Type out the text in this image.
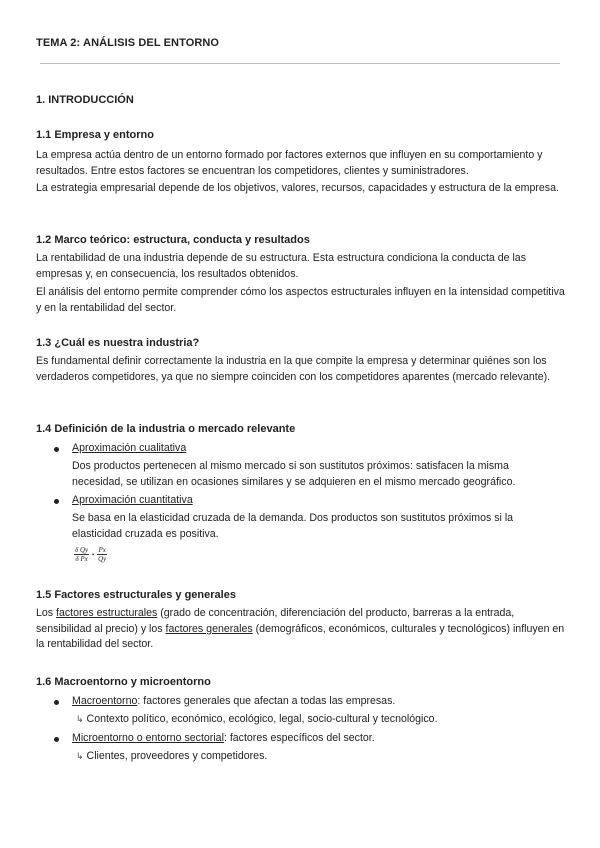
TEMA 2: ANÁLISIS DEL ENTORNO
1. INTRODUCCIÓN
1.1 Empresa y entorno
La empresa actúa dentro de un entorno formado por factores externos que influyen en su comportamiento y resultados. Entre estos factores se encuentran los competidores, clientes y suministradores.
La estrategia empresarial depende de los objetivos, valores, recursos, capacidades y estructura de la empresa.
1.2 Marco teórico: estructura, conducta y resultados
La rentabilidad de una industria depende de su estructura. Esta estructura condiciona la conducta de las empresas y, en consecuencia, los resultados obtenidos.
El análisis del entorno permite comprender cómo los aspectos estructurales influyen en la intensidad competitiva y en la rentabilidad del sector.
1.3 ¿Cuál es nuestra industria?
Es fundamental definir correctamente la industria en la que compite la empresa y determinar quiénes son los verdaderos competidores, ya que no siempre coinciden con los competidores aparentes (mercado relevante).
1.4 Definición de la industria o mercado relevante
Aproximación cualitativa
Dos productos pertenecen al mismo mercado si son sustitutos próximos: satisfacen la misma necesidad, se utilizan en ocasiones similares y se adquieren en el mismo mercado geográfico.
Aproximación cuantitativa
Se basa en la elasticidad cruzada de la demanda. Dos productos son sustitutos próximos si la elasticidad cruzada es positiva.
$\frac{\text{δ Qy}}{\text{δ Px}}$ • $\frac{Px}{Qy}$
1.5 Factores estructurales y generales
Los factores estructurales (grado de concentración, diferenciación del producto, barreras a la entrada, sensibilidad al precio) y los factores generales (demográficos, económicos, culturales y tecnológicos) influyen en la rentabilidad del sector.
1.6 Macroentorno y microentorno
Macroentorno: factores generales que afectan a todas las empresas.
↳ Contexto político, económico, ecológico, legal, socio-cultural y tecnológico.
Microentorno o entorno sectorial: factores específicos del sector.
↳ Clientes, proveedores y competidores.
